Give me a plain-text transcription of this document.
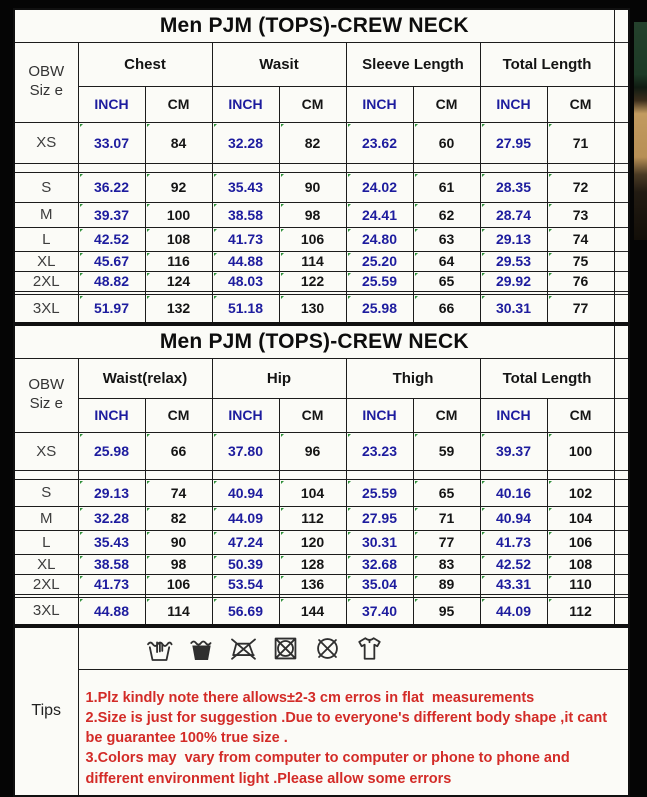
Men PJM (TOPS)-CREW NECK									

OBW
Siz e	Chest		Wasit		Sleeve Length		Total Length		
	INCH	CM	INCH	CM	INCH	CM	INCH	CM	
XS	33.07	84	32.28	82	23.62	60	27.95	71	

S	36.22	92	35.43	90	24.02	61	28.35	72	
M	39.37	100	38.58	98	24.41	62	28.74	73	
L	42.52	108	41.73	106	24.80	63	29.13	74	
XL	45.67	116	44.88	114	25.20	64	29.53	75	
2XL	48.82	124	48.03	122	25.59	65	29.92	76	

3XL	51.97	132	51.18	130	25.98	66	30.31	77	
Men PJM (TOPS)-CREW NECK									

OBW
Siz e	Waist(relax)		Hip		Thigh		Total Length		
	INCH	CM	INCH	CM	INCH	CM	INCH	CM	
XS	25.98	66	37.80	96	23.23	59	39.37	100	

S	29.13	74	40.94	104	25.59	65	40.16	102	
M	32.28	82	44.09	112	27.95	71	40.94	104	
L	35.43	90	47.24	120	30.31	77	41.73	106	
XL	38.58	98	50.39	128	32.68	83	42.52	108	
2XL	41.73	106	53.54	136	35.04	89	43.31	110	

3XL	44.88	114	56.69	144	37.40	95	44.09	112	
Tips	

1.Plz kindly note there allows±2-3 cm erros in flat  measurements
2.Size is just for suggestion .Due to everyone's different body shape ,it cant be guarantee 100% true size .
3.Colors may  vary from computer to computer or phone to phone and different environment light .Please allow some errors
